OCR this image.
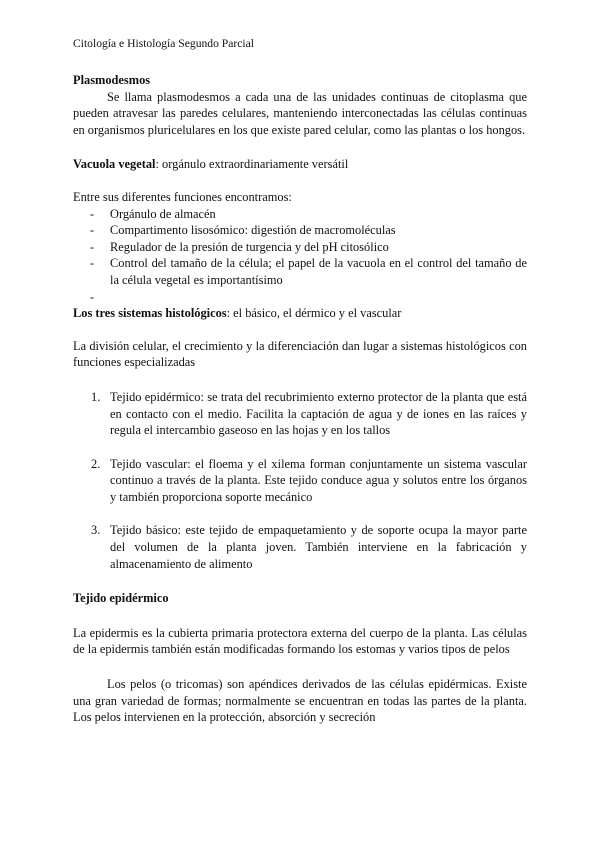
Citología e Histología Segundo Parcial

Plasmodesmos

Se llama plasmodesmos a cada una de las unidades continuas de citoplasma que pueden atravesar las paredes celulares, manteniendo interconectadas las células continuas en organismos pluricelulares en los que existe pared celular, como las plantas o los hongos.

Vacuola vegetal: orgánulo extraordinariamente versátil

Entre sus diferentes funciones encontramos:

- Orgánulo de almacén
- Compartimento lisosómico: digestión de macromoléculas
- Regulador de la presión de turgencia y del pH citosólico
- Control del tamaño de la célula; el papel de la vacuola en el control del tamaño de la célula vegetal es importantísimo
-

Los tres sistemas histológicos: el básico, el dérmico y el vascular

La división celular, el crecimiento y la diferenciación dan lugar a sistemas histológicos con funciones especializadas

1. Tejido epidérmico: se trata del recubrimiento externo protector de la planta que está en contacto con el medio. Facilita la captación de agua y de iones en las raíces y regula el intercambio gaseoso en las hojas y en los tallos
2. Tejido vascular: el floema y el xilema forman conjuntamente un sistema vascular continuo a través de la planta. Este tejido conduce agua y solutos entre los órganos y también proporciona soporte mecánico
3. Tejido básico: este tejido de empaquetamiento y de soporte ocupa la mayor parte del volumen de la planta joven. También interviene en la fabricación y almacenamiento de alimento

Tejido epidérmico

La epidermis es la cubierta primaria protectora externa del cuerpo de la planta. Las células de la epidermis también están modificadas formando los estomas y varios tipos de pelos

Los pelos (o tricomas) son apéndices derivados de las células epidérmicas. Existe una gran variedad de formas; normalmente se encuentran en todas las partes de la planta. Los pelos intervienen en la protección, absorción y secreción
